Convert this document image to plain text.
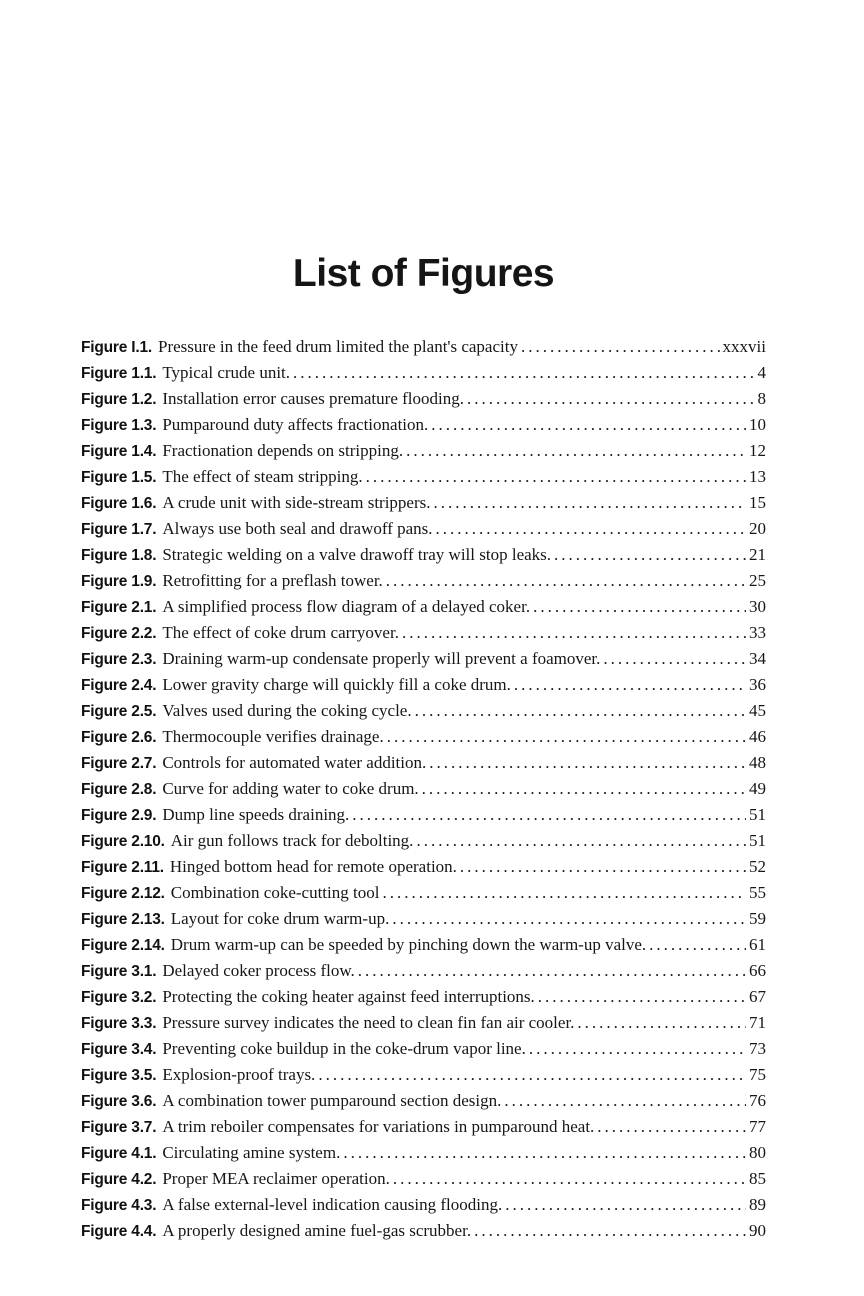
List of Figures
Figure I.1. Pressure in the feed drum limited the plant's capacity .....	xxxvii
Figure 1.1. Typical crude unit. .....	4
Figure 1.2. Installation error causes premature flooding. .....	8
Figure 1.3. Pumparound duty affects fractionation. .....	10
Figure 1.4. Fractionation depends on stripping. .....	12
Figure 1.5. The effect of steam stripping. .....	13
Figure 1.6. A crude unit with side-stream strippers. .....	15
Figure 1.7. Always use both seal and drawoff pans. .....	20
Figure 1.8. Strategic welding on a valve drawoff tray will stop leaks. .....	21
Figure 1.9. Retrofitting for a preflash tower. .....	25
Figure 2.1. A simplified process flow diagram of a delayed coker. .....	30
Figure 2.2. The effect of coke drum carryover. .....	33
Figure 2.3. Draining warm-up condensate properly will prevent a foamover. .....	34
Figure 2.4. Lower gravity charge will quickly fill a coke drum. .....	36
Figure 2.5. Valves used during the coking cycle. .....	45
Figure 2.6. Thermocouple verifies drainage. .....	46
Figure 2.7. Controls for automated water addition. .....	48
Figure 2.8. Curve for adding water to coke drum. .....	49
Figure 2.9. Dump line speeds draining. .....	51
Figure 2.10. Air gun follows track for debolting. .....	51
Figure 2.11. Hinged bottom head for remote operation. .....	52
Figure 2.12. Combination coke-cutting tool .....	55
Figure 2.13. Layout for coke drum warm-up. .....	59
Figure 2.14. Drum warm-up can be speeded by pinching down the warm-up valve. .....	61
Figure 3.1. Delayed coker process flow. .....	66
Figure 3.2. Protecting the coking heater against feed interruptions. .....	67
Figure 3.3. Pressure survey indicates the need to clean fin fan air cooler. .....	71
Figure 3.4. Preventing coke buildup in the coke-drum vapor line. .....	73
Figure 3.5. Explosion-proof trays. .....	75
Figure 3.6. A combination tower pumparound section design. .....	76
Figure 3.7. A trim reboiler compensates for variations in pumparound heat. .....	77
Figure 4.1. Circulating amine system. .....	80
Figure 4.2. Proper MEA reclaimer operation. .....	85
Figure 4.3. A false external-level indication causing flooding. .....	89
Figure 4.4. A properly designed amine fuel-gas scrubber. .....	90
